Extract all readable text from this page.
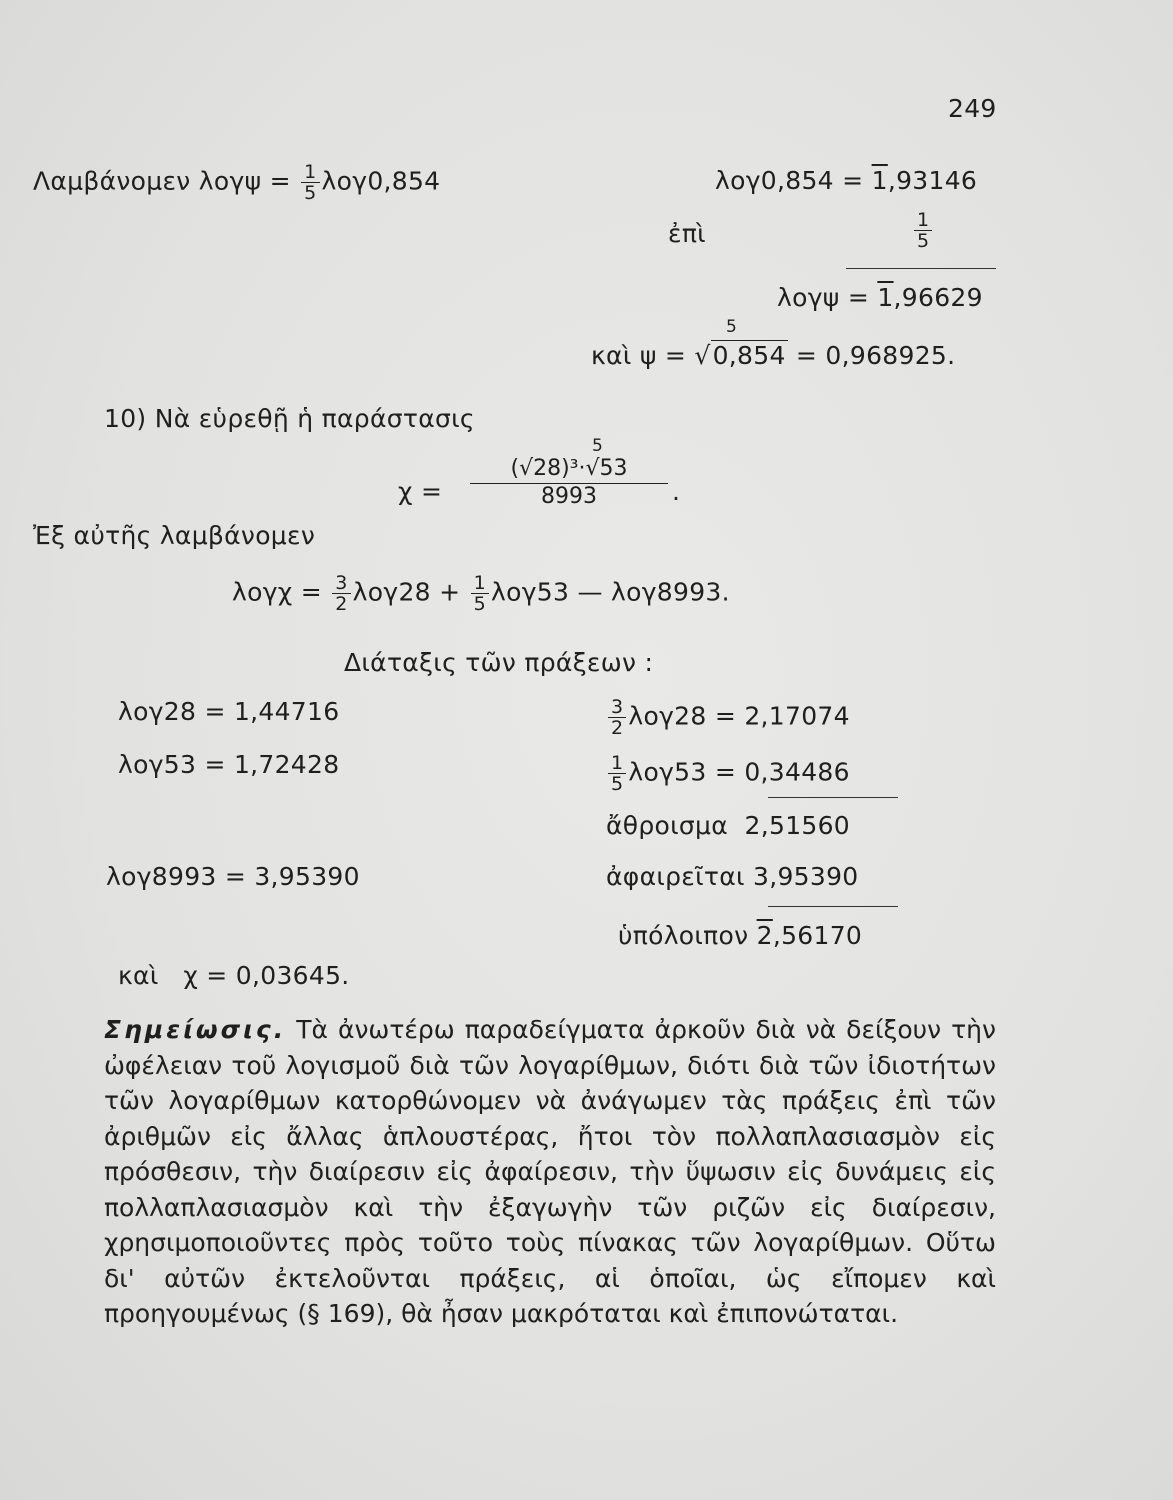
249
Λαμβάνομεν $\lambda o\gamma\psi = \frac{1}{5} \lambda o\gamma 0,854$	λογ0,854 = 1,93146
ἐπὶ	$\frac{1}{5}$
λογψ = 1,96629
καὶ ψ = √0,854 = 0,968925.
5
10) Νὰ εὑρεθῇ ἡ παράστασις
χ =
5
$\frac{\text{(√28)³·√53}}{8993}$ .
Ἐξ αὐτῆς λαμβάνομεν
$\lambda o\gamma\chi = \frac{3}{2} \lambda o\gamma 28 + \frac{1}{5} \lambda o\gamma 53$ — λογ8993.
Διάταξις τῶν πράξεων :
λογ28 = 1,44716
λογ53 = 1,72428
λογ8993 = 3,95390
$\frac{3}{2} \lambda o\gamma 28 = 2,17074$
$\frac{1}{5} \lambda o\gamma 53 = 0,34486$
ἄθροισμα 2,51560
ἀφαιρεῖται 3,95390
ὑπόλοιπον 2,56170
καὶ   χ = 0,03645.
Σημείωσις. Τὰ ἀνωτέρω παραδείγματα ἀρκοῦν διὰ νὰ δείξουν τὴν ὠφέλειαν τοῦ λογισμοῦ διὰ τῶν λογαρίθμων, διότι διὰ τῶν ἰδιοτήτων τῶν λογαρίθμων κατορθώνομεν νὰ ἀνάγωμεν τὰς πράξεις ἐπὶ τῶν ἀριθμῶν εἰς ἄλλας ἁπλουστέρας, ἤτοι τὸν πολλαπλασιασμὸν εἰς πρόσθεσιν, τὴν διαίρεσιν εἰς ἀφαίρεσιν, τὴν ὕψωσιν εἰς δυνάμεις εἰς πολλαπλασιασμὸν καὶ τὴν ἐξαγωγὴν τῶν ριζῶν εἰς διαίρεσιν, χρησιμοποιοῦντες πρὸς τοῦτο τοὺς πίνακας τῶν λογαρίθμων. Οὕτω δι' αὐτῶν ἐκτελοῦνται πράξεις, αἱ ὁποῖαι, ὡς εἴπομεν καὶ προηγουμένως (§ 169), θὰ ἦσαν μακρόταται καὶ ἐπιπονώταται.
